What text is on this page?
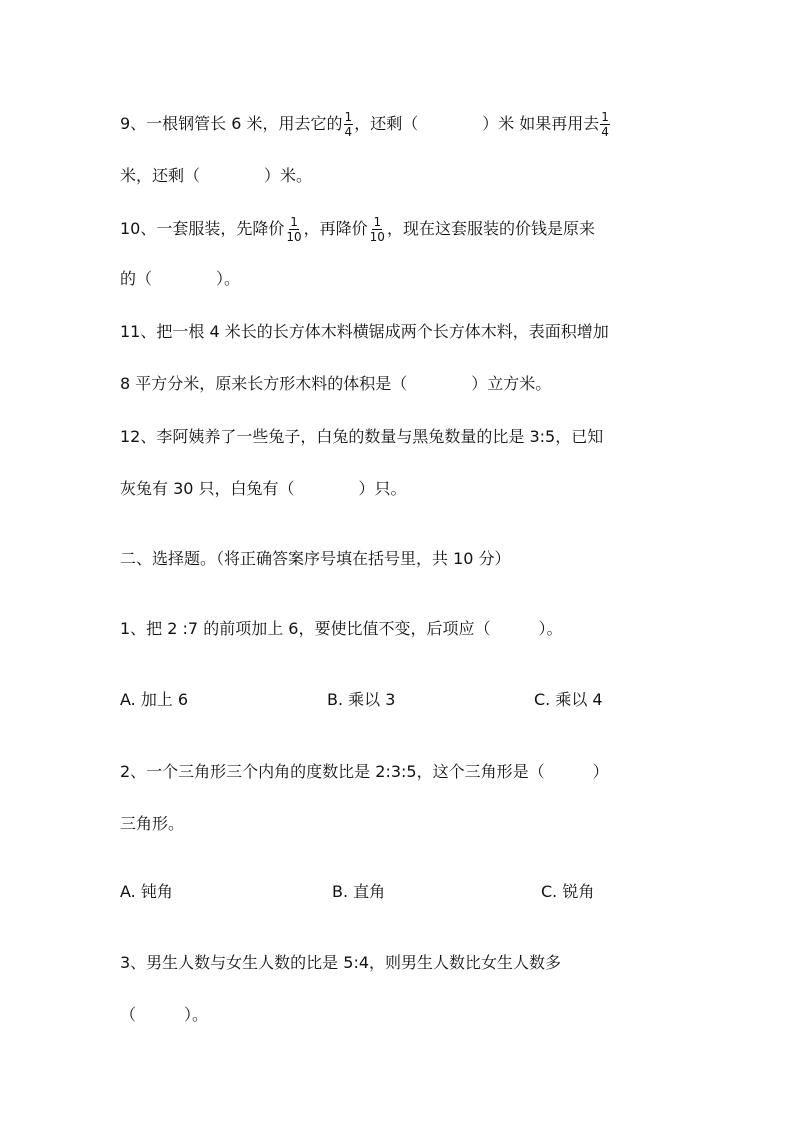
9、一根钢管长 6 米，用去它的 $\frac{1}{4}$ ，还剩（　　　　）米 如果再用去 $\frac{1}{4}$
米，还剩（　　　　）米。
10、一套服装，先降价 $\frac{1}{10}$ ，再降价 $\frac{1}{10}$ ，现在这套服装的价钱是原来
的（　　　　）。
11、把一根 4 米长的长方体木料横锯成两个长方体木料，表面积增加
8 平方分米，原来长方形木料的体积是（　　　　）立方米。
12、李阿姨养了一些兔子，白兔的数量与黑兔数量的比是 3:5，已知
灰兔有 30 只，白兔有（　　　　）只。
二、选择题。（将正确答案序号填在括号里，共 10 分）
1、把 2 :7 的前项加上 6，要使比值不变，后项应（　　　）。
A. 加上 6	B. 乘以 3	C. 乘以 4
2、一个三角形三个内角的度数比是 2:3:5，这个三角形是（　　　）
三角形。
A. 钝角	B. 直角	C. 锐角
3、男生人数与女生人数的比是 5:4，则男生人数比女生人数多
（　　　）。
